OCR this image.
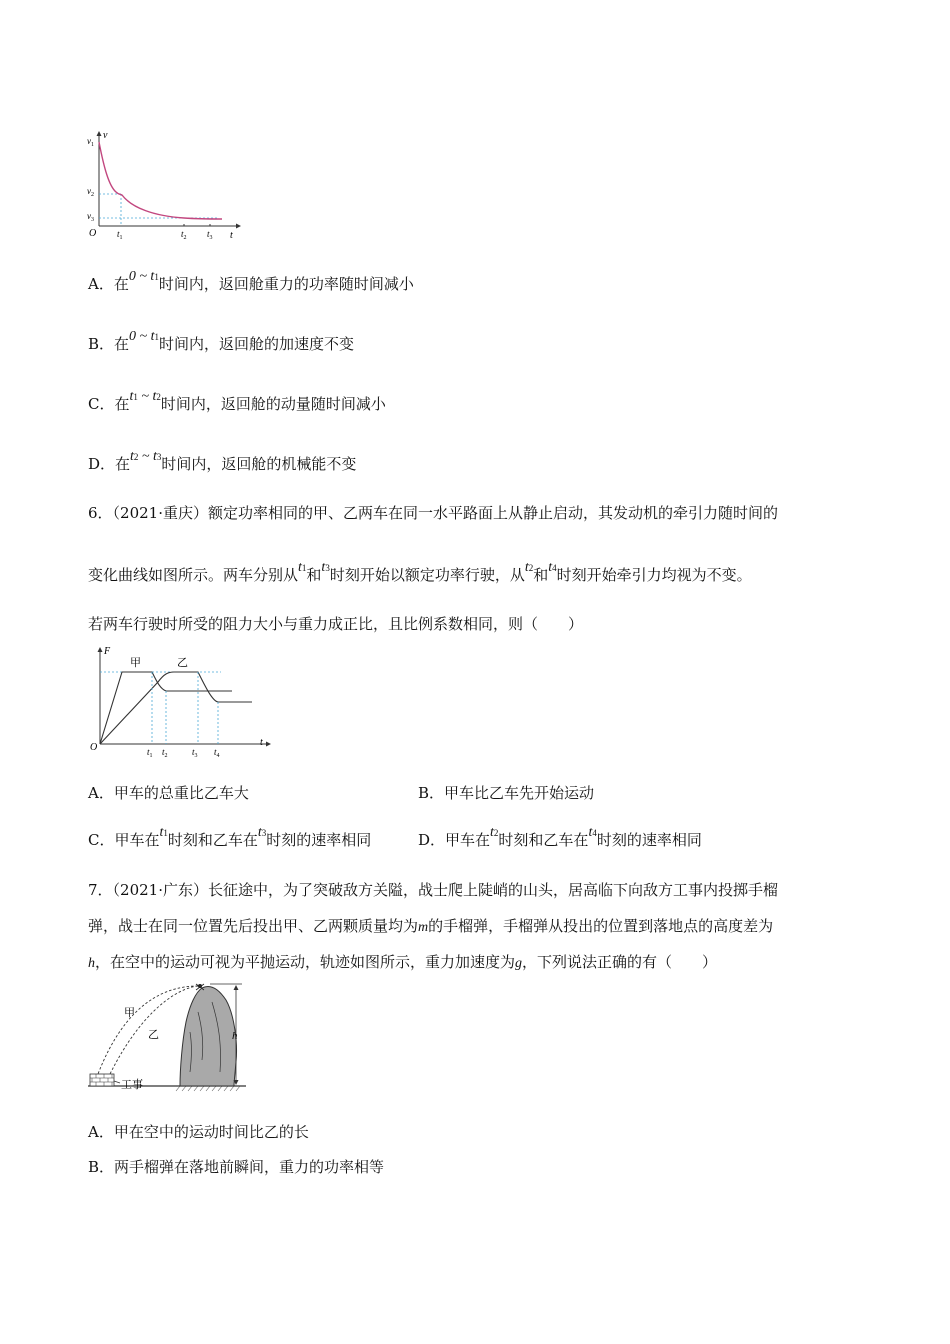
v
t
O
$v_1$
$v_2$
$v_3$
$t_1$	$t_2$ $t_3$
A．在0 ~ t1时间内，返回舱重力的功率随时间减小
B．在0 ~ t1时间内，返回舱的加速度不变
C．在t1 ~ t2时间内，返回舱的动量随时间减小
D．在t2 ~ t3时间内，返回舱的机械能不变
6．（2021·重庆）额定功率相同的甲、乙两车在同一水平路面上从静止启动，其发动机的牵引力随时间的
变化曲线如图所示。两车分别从t1和t3时刻开始以额定功率行驶，从t2和t4时刻开始牵引力均视为不变。
若两车行驶时所受的阻力大小与重力成正比，且比例系数相同，则（　　）
F
t
O
甲	乙
$t_1$ $t_2$	$t_3$ $t_4$
A．甲车的总重比乙车大	B．甲车比乙车先开始运动
C．甲车在t1时刻和乙车在t3时刻的速率相同	D．甲车在t2时刻和乙车在t4时刻的速率相同
7．（2021·广东）长征途中，为了突破敌方关隘，战士爬上陡峭的山头，居高临下向敌方工事内投掷手榴
弹，战士在同一位置先后投出甲、乙两颗质量均为m的手榴弹，手榴弹从投出的位置到落地点的高度差为
h，在空中的运动可视为平抛运动，轨迹如图所示，重力加速度为g，下列说法正确的有（　　）
h
甲
乙
工事
A．甲在空中的运动时间比乙的长
B．两手榴弹在落地前瞬间，重力的功率相等
